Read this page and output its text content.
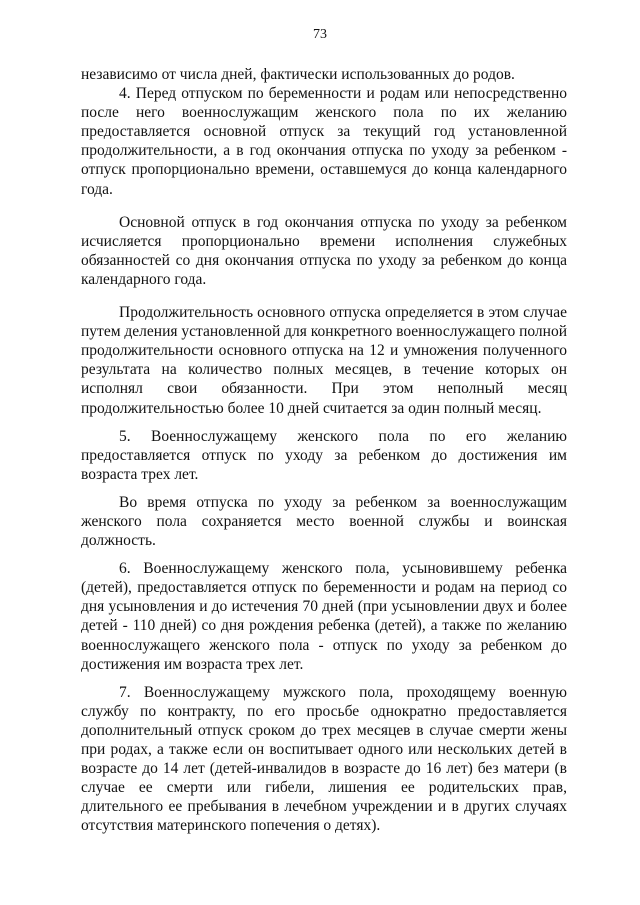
73

независимо от числа дней, фактически использованных до родов.

4. Перед отпуском по беременности и родам или непосредственно после него военнослужащим женского пола по их желанию предоставляется основной отпуск за текущий год установленной продолжительности, а в год окончания отпуска по уходу за ребенком - отпуск пропорционально времени, оставшемуся до конца календарного года.

Основной отпуск в год окончания отпуска по уходу за ребенком исчисляется пропорционально времени исполнения служебных обязанностей со дня окончания отпуска по уходу за ребенком до конца календарного года.

Продолжительность основного отпуска определяется в этом случае путем деления установленной для конкретного военнослужащего полной продолжительности основного отпуска на 12 и умножения полученного результата на количество полных месяцев, в течение которых он исполнял свои обязанности. При этом неполный месяц продолжительностью более 10 дней считается за один полный месяц.

5. Военнослужащему женского пола по его желанию предоставляется отпуск по уходу за ребенком до достижения им возраста трех лет.

Во время отпуска по уходу за ребенком за военнослужащим женского пола сохраняется место военной службы и воинская должность.

6. Военнослужащему женского пола, усыновившему ребенка (детей), предоставляется отпуск по беременности и родам на период со дня усыновления и до истечения 70 дней (при усыновлении двух и более детей - 110 дней) со дня рождения ребенка (детей), а также по желанию военнослужащего женского пола - отпуск по уходу за ребенком до достижения им возраста трех лет.

7. Военнослужащему мужского пола, проходящему военную службу по контракту, по его просьбе однократно предоставляется дополнительный отпуск сроком до трех месяцев в случае смерти жены при родах, а также если он воспитывает одного или нескольких детей в возрасте до 14 лет (детей-инвалидов в возрасте до 16 лет) без матери (в случае ее смерти или гибели, лишения ее родительских прав, длительного ее пребывания в лечебном учреждении и в других случаях отсутствия материнского попечения о детях).
